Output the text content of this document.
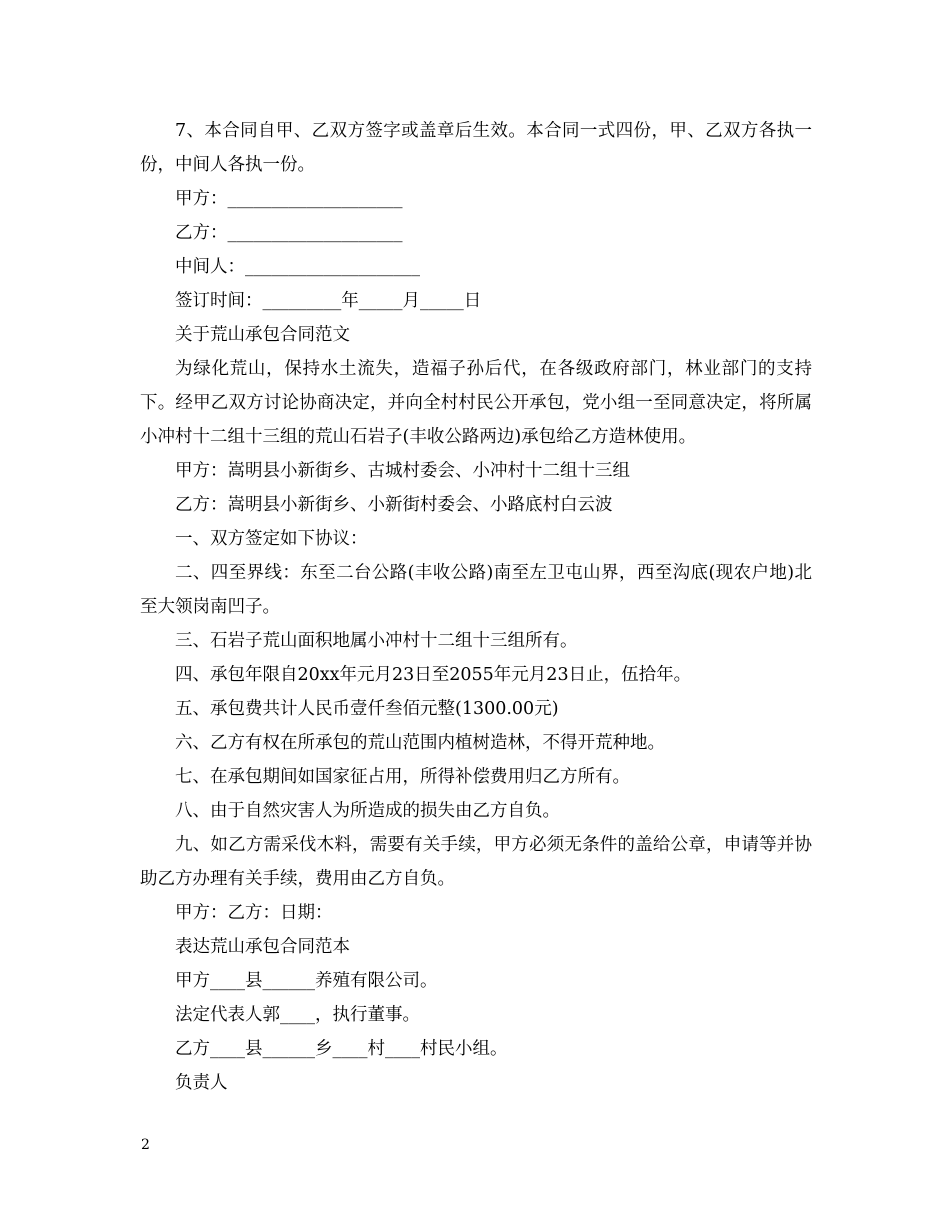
7、本合同自甲、乙双方签字或盖章后生效。本合同一式四份，甲、乙双方各执一份，中间人各执一份。

甲方：____________________

乙方：____________________

中间人：____________________

签订时间：_________年_____月_____日

关于荒山承包合同范文

为绿化荒山，保持水土流失，造福子孙后代，在各级政府部门，林业部门的支持下。经甲乙双方讨论协商决定，并向全村村民公开承包，党小组一至同意决定，将所属小冲村十二组十三组的荒山石岩子(丰收公路两边)承包给乙方造林使用。

甲方：嵩明县小新街乡、古城村委会、小冲村十二组十三组

乙方：嵩明县小新街乡、小新街村委会、小路底村白云波

一、双方签定如下协议：

二、四至界线：东至二台公路(丰收公路)南至左卫屯山界，西至沟底(现农户地)北至大领岗南凹子。

三、石岩子荒山面积地属小冲村十二组十三组所有。

四、承包年限自20xx年元月23日至2055年元月23日止，伍拾年。

五、承包费共计人民币壹仟叁佰元整(1300.00元)

六、乙方有权在所承包的荒山范围内植树造林，不得开荒种地。

七、在承包期间如国家征占用，所得补偿费用归乙方所有。

八、由于自然灾害人为所造成的损失由乙方自负。

九、如乙方需采伐木料，需要有关手续，甲方必须无条件的盖给公章，申请等并协助乙方办理有关手续，费用由乙方自负。

甲方：乙方：日期：

表达荒山承包合同范本

甲方____县______养殖有限公司。

法定代表人郭____，执行董事。

乙方____县______乡____村____村民小组。

负责人

2
